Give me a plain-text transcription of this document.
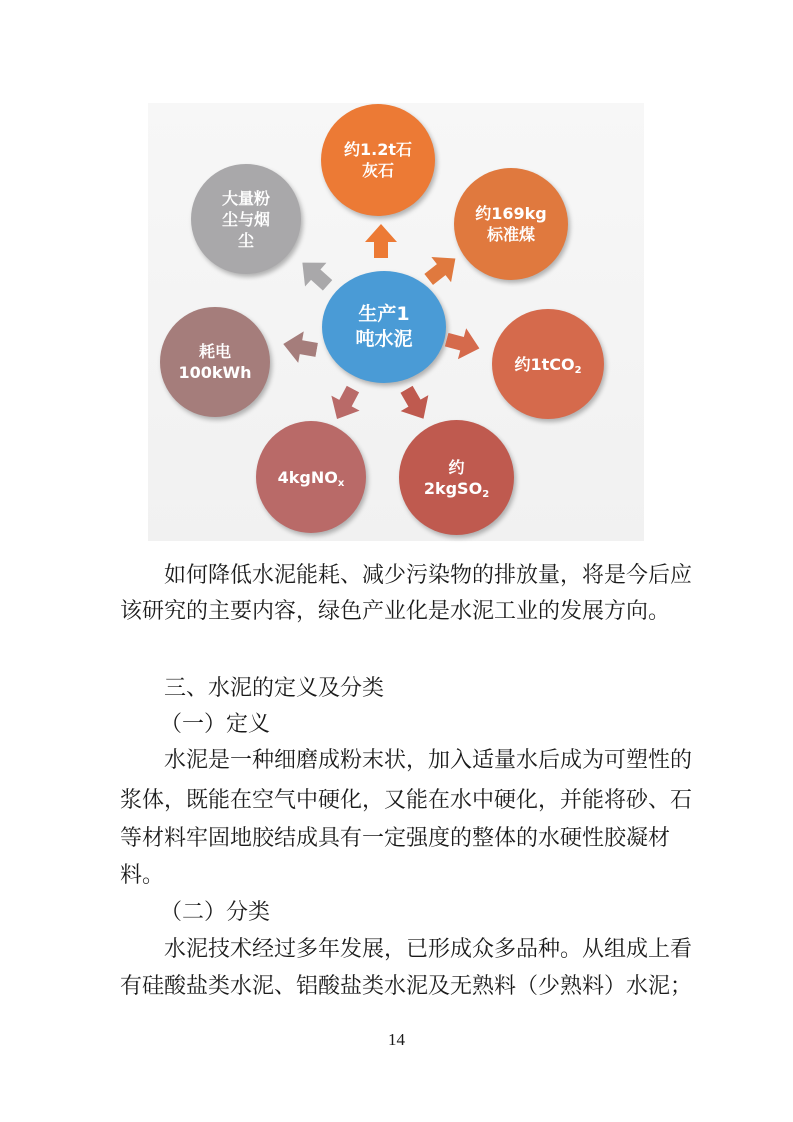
生产1
吨水泥
约1.2t石
灰石
约169kg
标准煤
约1tCO$_2$
约
2kgSO$_2$
4kgNO$_x$
耗电
100kWh
大量粉
尘与烟
尘

如何降低水泥能耗、减少污染物的排放量，将是今后应

该研究的主要内容，绿色产业化是水泥工业的发展方向。

三、水泥的定义及分类

（一）定义

水泥是一种细磨成粉末状，加入适量水后成为可塑性的

浆体，既能在空气中硬化，又能在水中硬化，并能将砂、石

等材料牢固地胶结成具有一定强度的整体的水硬性胶凝材

料。

（二）分类

水泥技术经过多年发展，已形成众多品种。从组成上看

有硅酸盐类水泥、铝酸盐类水泥及无熟料（少熟料）水泥；

14
